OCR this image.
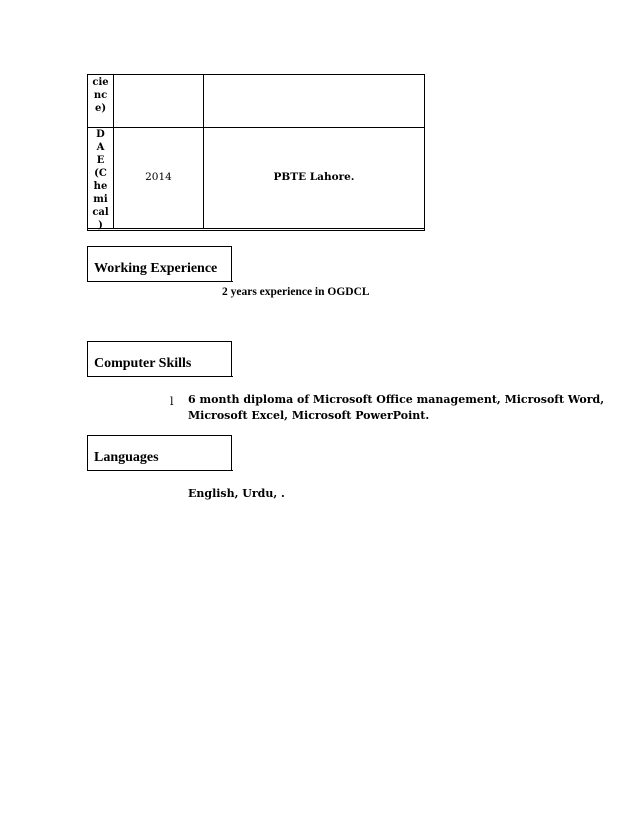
cie
nc
e)
D
A
E
(C
he
mi
cal
)
2014	PBTE Lahore.
Working Experience
2 years experience in OGDCL
Computer Skills
l 6 month diploma of Microsoft Office management, Microsoft Word,
Microsoft Excel, Microsoft PowerPoint.
Languages
English, Urdu, .
